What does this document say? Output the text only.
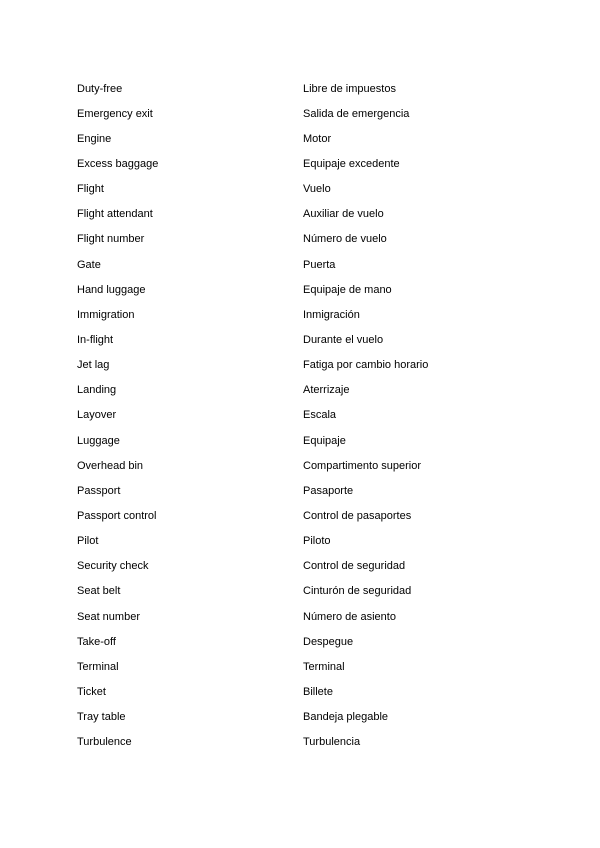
Duty-free	Libre de impuestos
Emergency exit	Salida de emergencia
Engine	Motor
Excess baggage	Equipaje excedente
Flight	Vuelo
Flight attendant	Auxiliar de vuelo
Flight number	Número de vuelo
Gate	Puerta
Hand luggage	Equipaje de mano
Immigration	Inmigración
In-flight	Durante el vuelo
Jet lag	Fatiga por cambio horario
Landing	Aterrizaje
Layover	Escala
Luggage	Equipaje
Overhead bin	Compartimento superior
Passport	Pasaporte
Passport control	Control de pasaportes
Pilot	Piloto
Security check	Control de seguridad
Seat belt	Cinturón de seguridad
Seat number	Número de asiento
Take-off	Despegue
Terminal	Terminal
Ticket	Billete
Tray table	Bandeja plegable
Turbulence	Turbulencia
